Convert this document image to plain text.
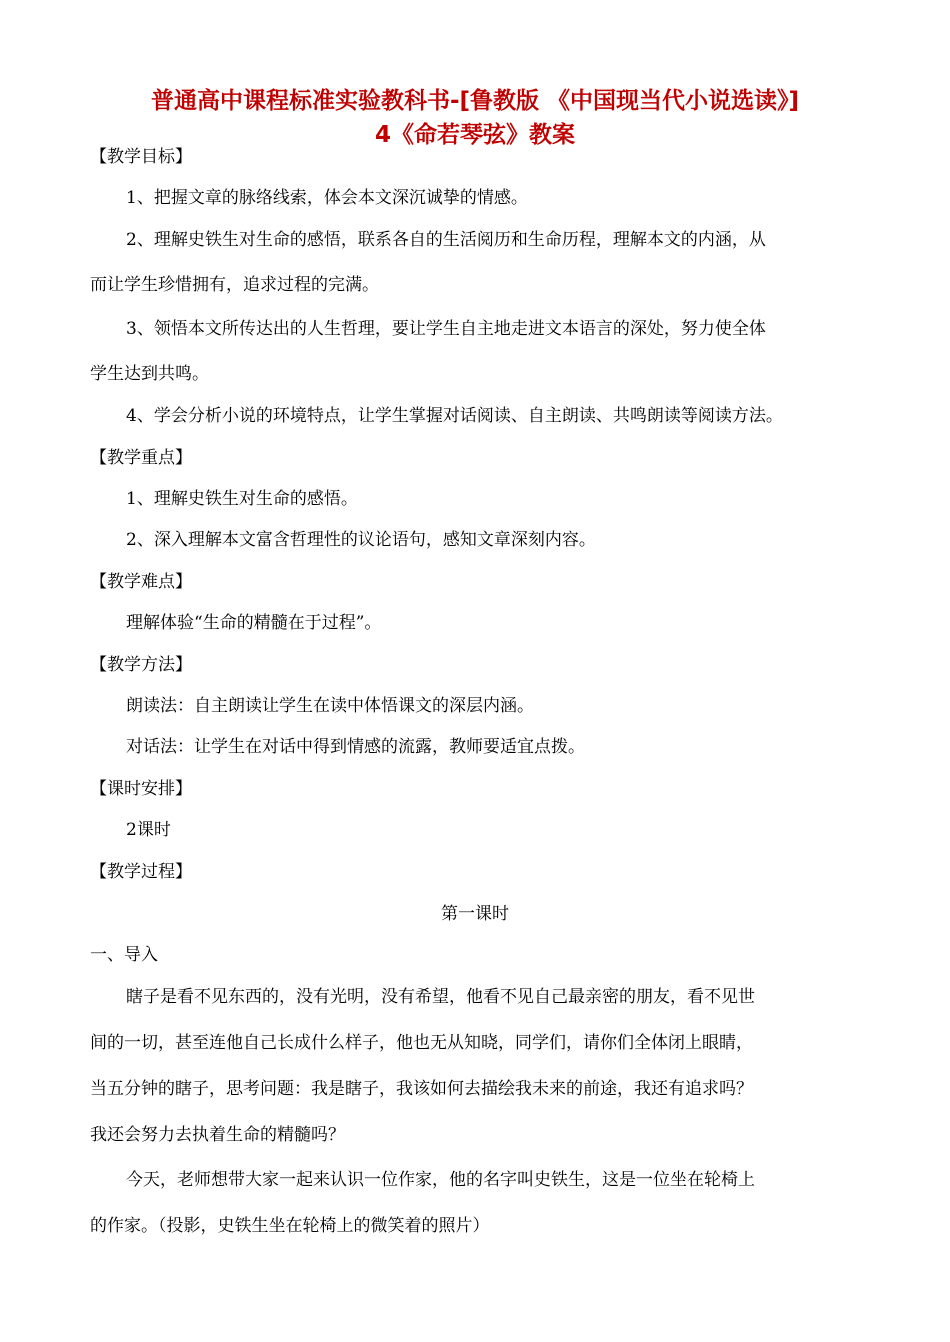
普通高中课程标准实验教科书-[鲁教版 《中国现当代小说选读》]
4《命若琴弦》教案
【教学目标】
1、把握文章的脉络线索，体会本文深沉诚挚的情感。
2、理解史铁生对生命的感悟，联系各自的生活阅历和生命历程，理解本文的内涵，从
而让学生珍惜拥有，追求过程的完满。
3、领悟本文所传达出的人生哲理，要让学生自主地走进文本语言的深处，努力使全体
学生达到共鸣。
4、学会分析小说的环境特点，让学生掌握对话阅读、自主朗读、共鸣朗读等阅读方法。
【教学重点】
1、理解史铁生对生命的感悟。
2、深入理解本文富含哲理性的议论语句，感知文章深刻内容。
【教学难点】
理解体验“生命的精髓在于过程”。
【教学方法】
朗读法：自主朗读让学生在读中体悟课文的深层内涵。
对话法：让学生在对话中得到情感的流露，教师要适宜点拨。
【课时安排】
2课时
【教学过程】
第一课时
一、导入
瞎子是看不见东西的，没有光明，没有希望，他看不见自己最亲密的朋友，看不见世
间的一切，甚至连他自己长成什么样子，他也无从知晓，同学们，请你们全体闭上眼睛，
当五分钟的瞎子，思考问题：我是瞎子，我该如何去描绘我未来的前途，我还有追求吗？
我还会努力去执着生命的精髓吗？
今天，老师想带大家一起来认识一位作家，他的名字叫史铁生，这是一位坐在轮椅上
的作家。（投影，史铁生坐在轮椅上的微笑着的照片）
